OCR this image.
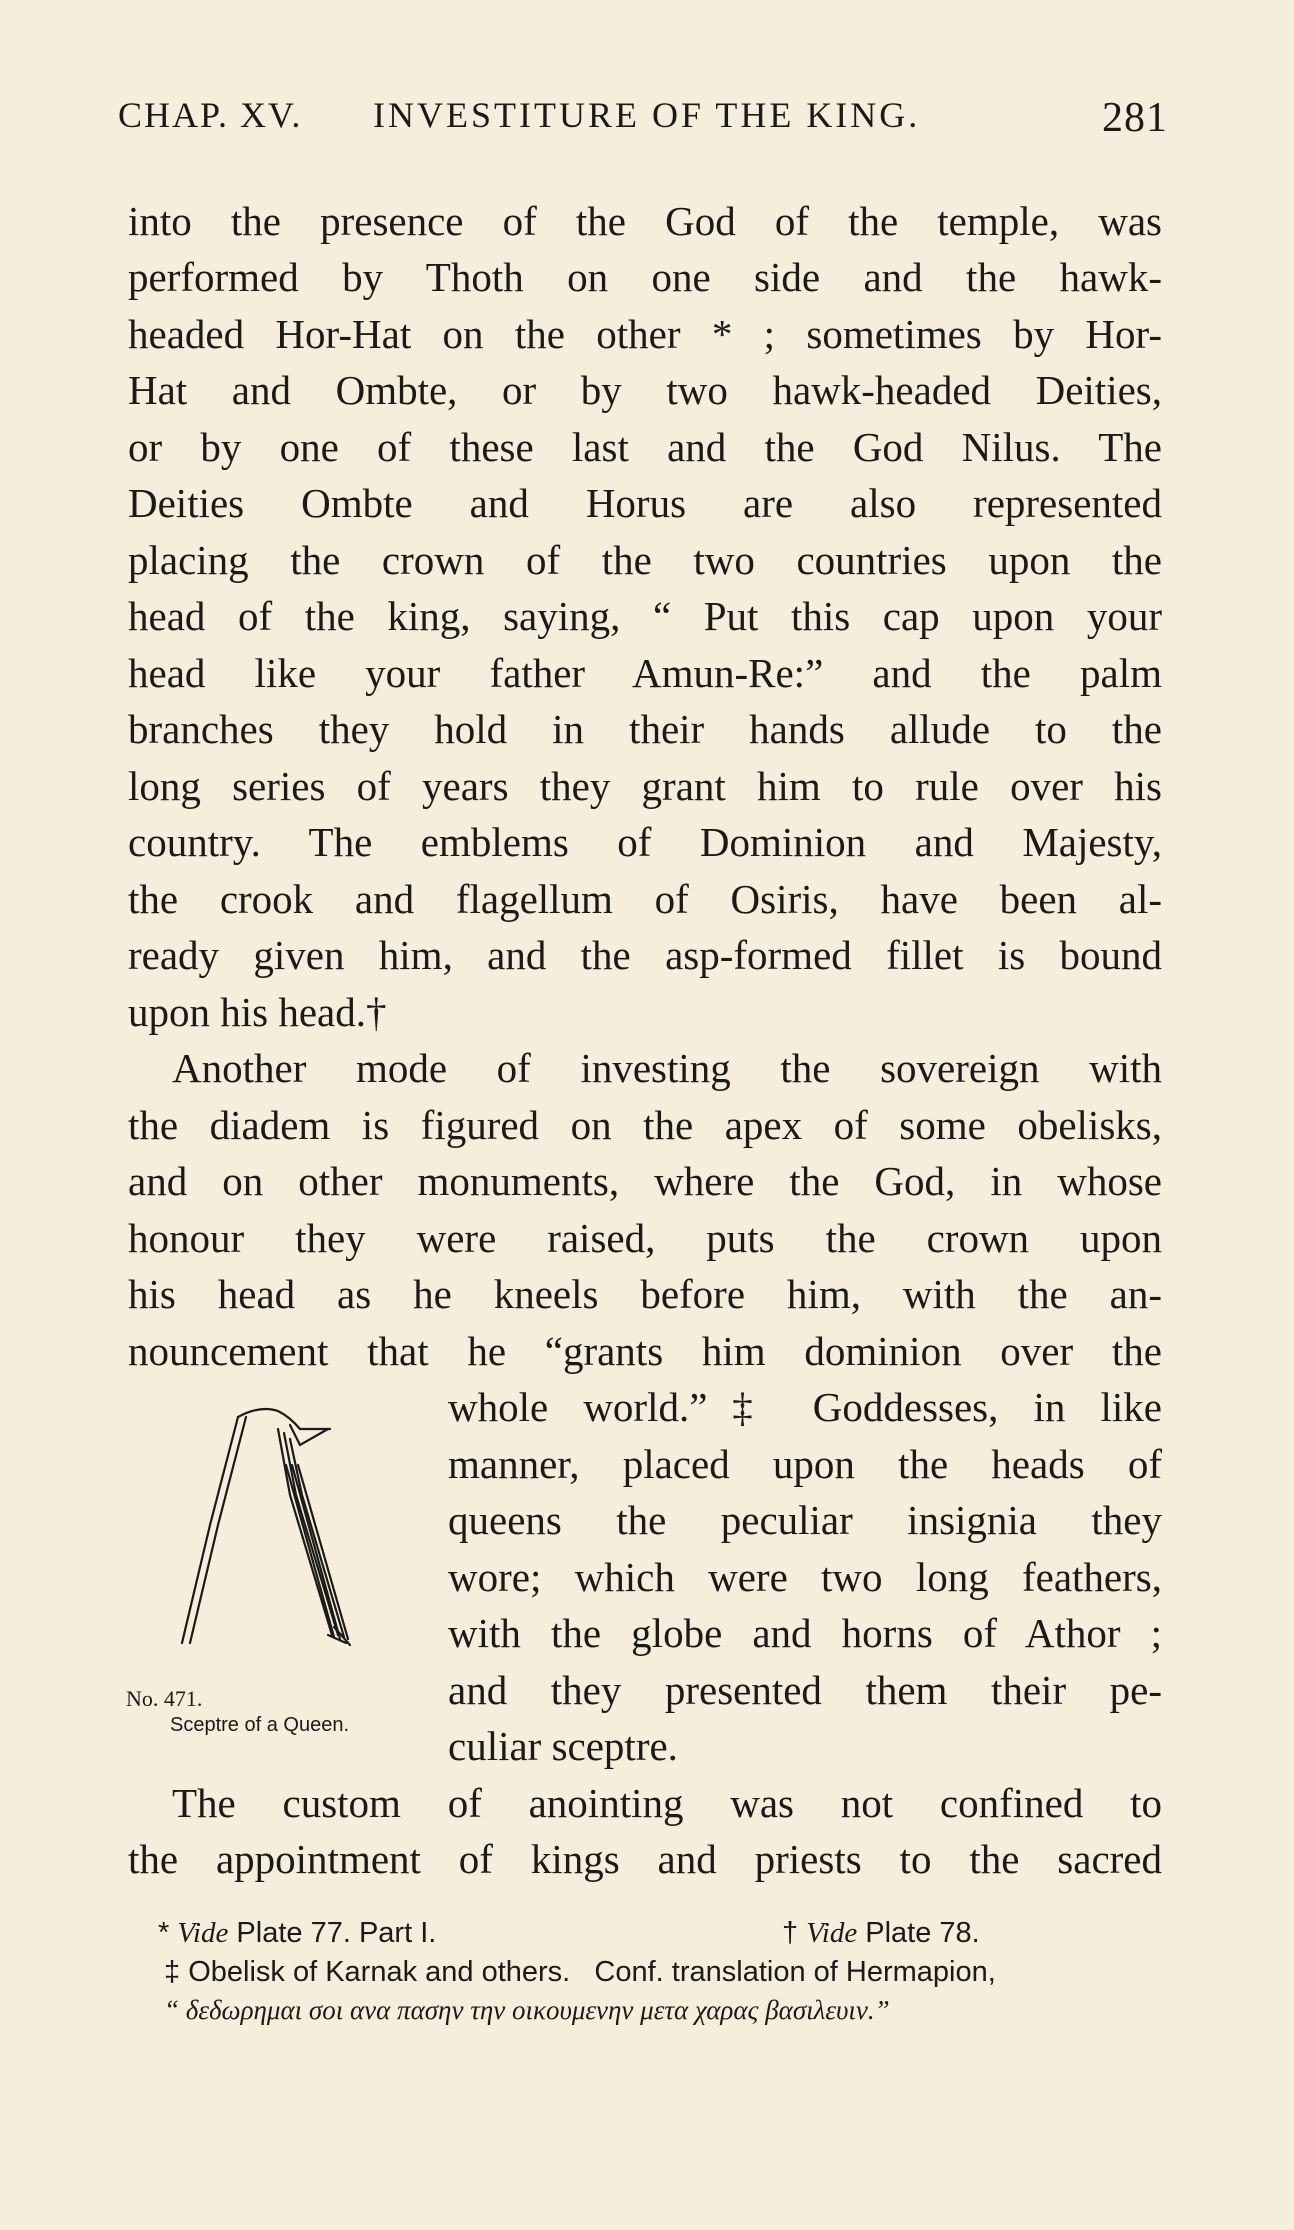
CHAP. XV. INVESTITURE OF THE KING.	281
into the presence of the God of the temple, was
performed by Thoth on one side and the hawk-
headed Hor-Hat on the other * ; sometimes by Hor-
Hat and Ombte, or by two hawk-headed Deities,
or by one of these last and the God Nilus. The
Deities Ombte and Horus are also represented
placing the crown of the two countries upon the
head of the king, saying, “ Put this cap upon your
head like your father Amun-Re:” and the palm
branches they hold in their hands allude to the
long series of years they grant him to rule over his
country. The emblems of Dominion and Majesty,
the crook and flagellum of Osiris, have been al-
ready given him, and the asp-formed fillet is bound
upon his head.†
Another mode of investing the sovereign with
the diadem is figured on the apex of some obelisks,
and on other monuments, where the God, in whose
honour they were raised, puts the crown upon
his head as he kneels before him, with the an-
nouncement that he “grants him dominion over the
whole world.”‡ Goddesses, in like
manner, placed upon the heads of
queens the peculiar insignia they
wore; which were two long feathers,
with the globe and horns of Athor ;
and they presented them their pe-
culiar sceptre.
The custom of anointing was not confined to
the appointment of kings and priests to the sacred
No. 471.
Sceptre of a Queen.
* Vide Plate 77. Part I.	† Vide Plate 78.
‡ Obelisk of Karnak and others.   Conf. translation of Hermapion,
“ δεδωρημαι σοι ανα πασην την οικουμενην μετα χαρας βασιλευιν.”
